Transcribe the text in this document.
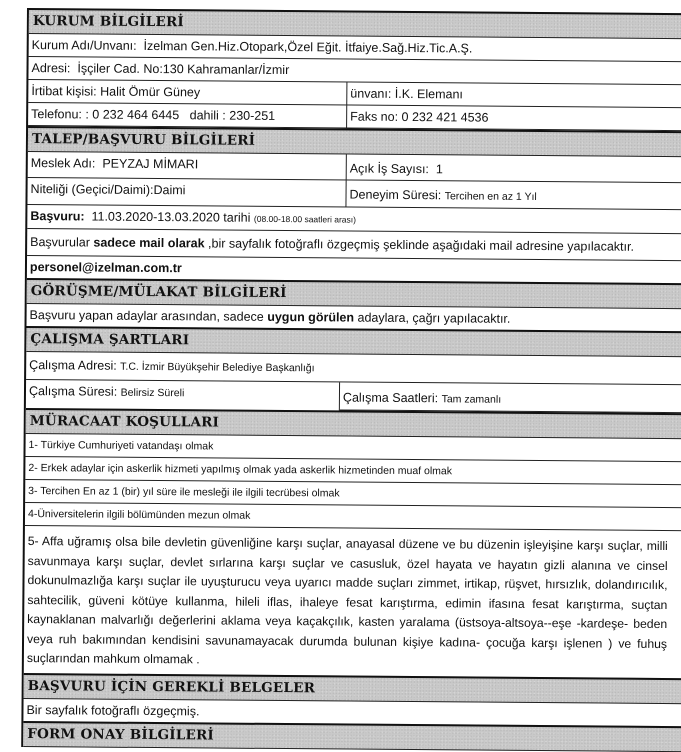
KURUM BİLGİLERİ
Kurum Adı/Unvanı: İzelman Gen.Hiz.Otopark,Özel Eğit. İtfaiye.Sağ.Hiz.Tic.A.Ş.
Adresi: İşçiler Cad. No:130 Kahramanlar/İzmir
İrtibat kişisi: Halit Ömür Güney	ünvanı: İ.K. Elemanı
Telefonu: : 0 232 464 6445 dahili : 230-251	Faks no: 0 232 421 4536
TALEP/BAŞVURU BİLGİLERİ
Meslek Adı: PEYZAJ MİMARI	Açık İş Sayısı: 1
Niteliği (Geçici/Daimi):Daimi	Deneyim Süresi: Tercihen en az 1 Yıl
Başvuru: 11.03.2020-13.03.2020 tarihi (08.00-18.00 saatleri arası)
Başvurular sadece mail olarak ,bir sayfalık fotoğraflı özgeçmiş şeklinde aşağıdaki mail adresine yapılacaktır.
personel@izelman.com.tr
GÖRÜŞME/MÜLAKAT BİLGİLERİ
Başvuru yapan adaylar arasından, sadece uygun görülen adaylara, çağrı yapılacaktır.
ÇALIŞMA ŞARTLARI
Çalışma Adresi: T.C. İzmir Büyükşehir Belediye Başkanlığı
Çalışma Süresi: Belirsiz Süreli	Çalışma Saatleri: Tam zamanlı
MÜRACAAT KOŞULLARI
1- Türkiye Cumhuriyeti vatandaşı olmak
2- Erkek adaylar için askerlik hizmeti yapılmış olmak yada askerlik hizmetinden muaf olmak
3- Tercihen En az 1 (bir) yıl süre ile mesleği ile ilgili tecrübesi olmak
4-Üniversitelerin ilgili bölümünden mezun olmak
5- Affa uğramış olsa bile devletin güvenliğine karşı suçlar, anayasal düzene ve bu düzenin işleyişine karşı suçlar, milli savunmaya karşı suçlar, devlet sırlarına karşı suçlar ve casusluk, özel hayata ve hayatın gizli alanına ve cinsel dokunulmazlığa karşı suçlar ile uyuşturucu veya uyarıcı madde suçları zimmet, irtikap, rüşvet, hırsızlık, dolandırıcılık, sahtecilik, güveni kötüye kullanma, hileli iflas, ihaleye fesat karıştırma, edimin ifasına fesat karıştırma, suçtan kaynaklanan malvarlığı değerlerini aklama veya kaçakçılık, kasten yaralama (üstsoya-altsoya--eşe -kardeşe- beden veya ruh bakımından kendisini savunamayacak durumda bulunan kişiye kadına- çocuğa karşı işlenen ) ve fuhuş suçlarından mahkum olmamak .
BAŞVURU İÇİN GEREKLİ BELGELER
Bir sayfalık fotoğraflı özgeçmiş.
FORM ONAY BİLGİLERİ
